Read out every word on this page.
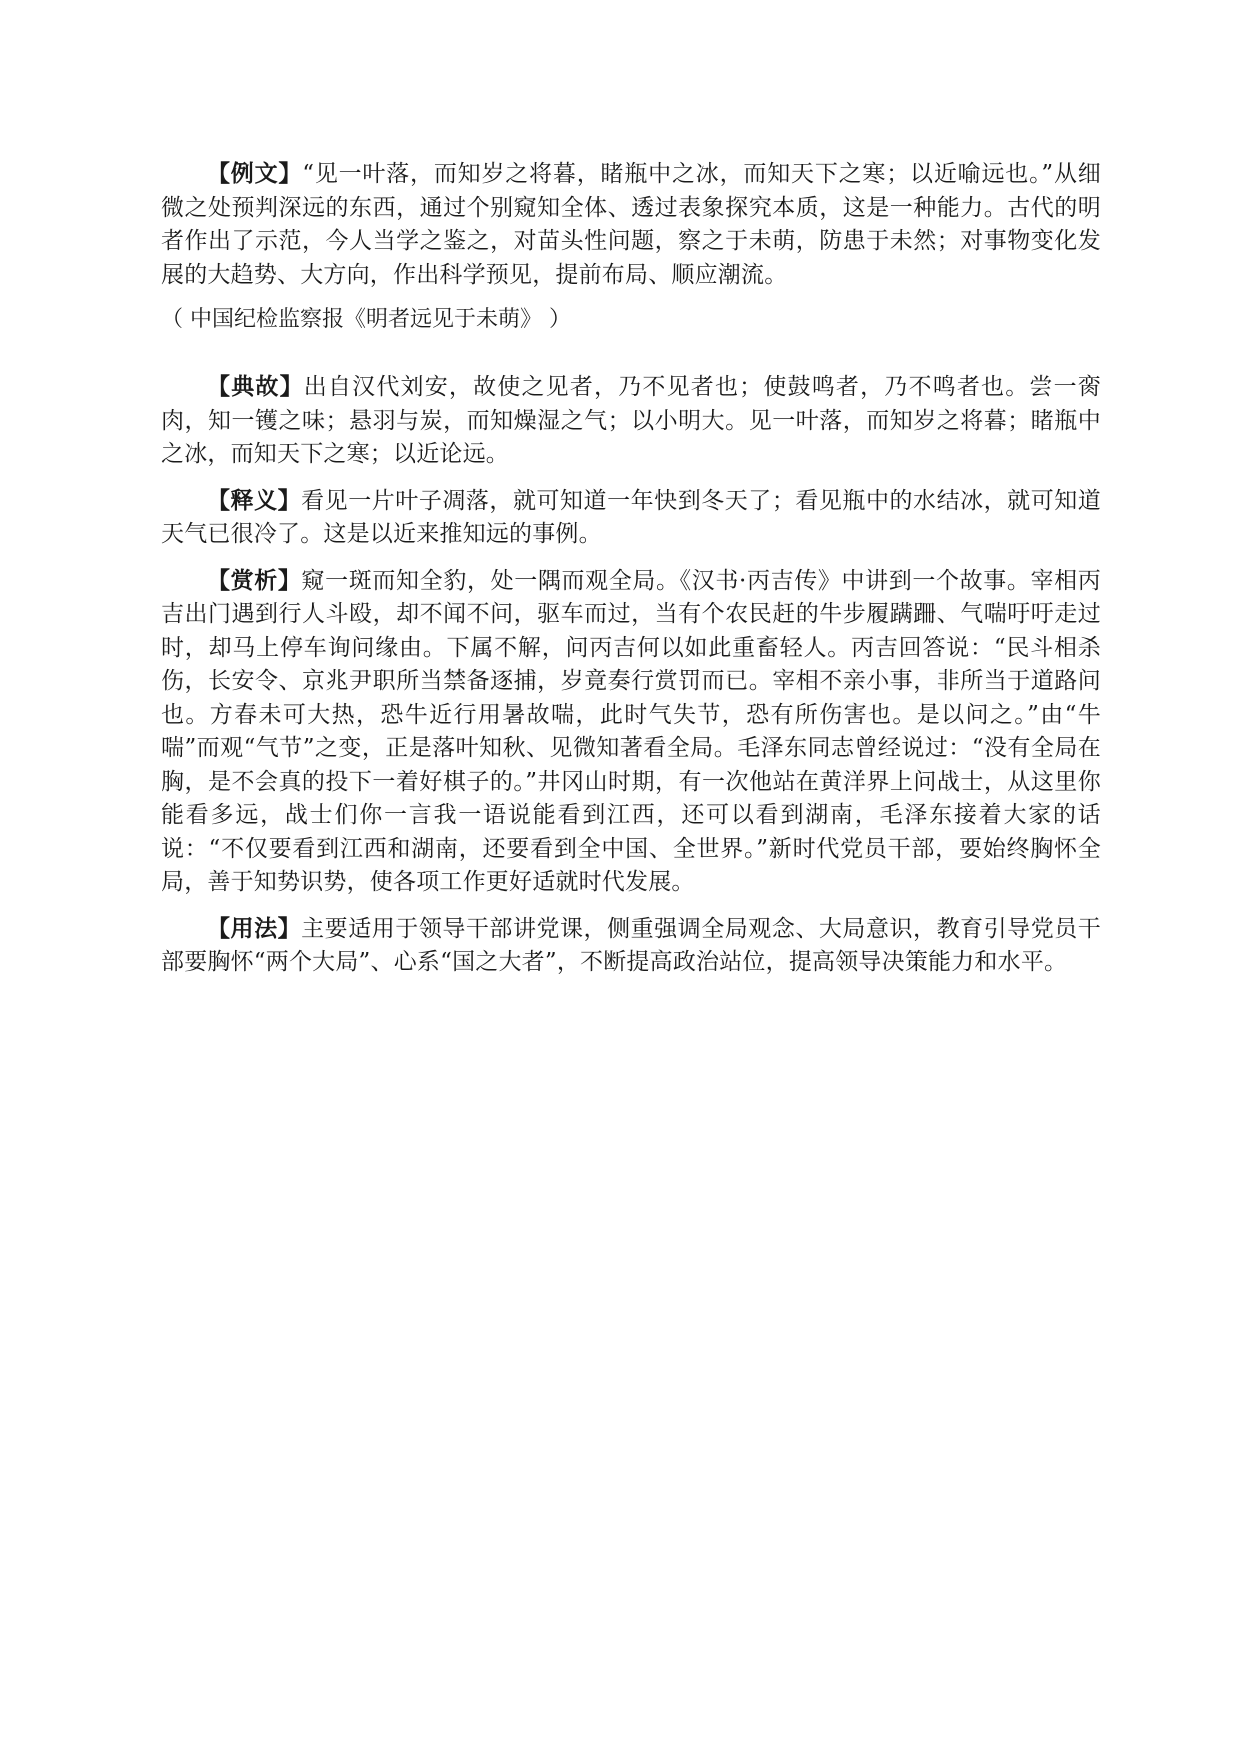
【例文】“见一叶落，而知岁之将暮，睹瓶中之冰，而知天下之寒；以近喻远也。”从细微之处预判深远的东西，通过个别窥知全体、透过表象探究本质，这是一种能力。古代的明者作出了示范，今人当学之鉴之，对苗头性问题，察之于未萌，防患于未然；对事物变化发展的大趋势、大方向，作出科学预见，提前布局、顺应潮流。

（ 中国纪检监察报《明者远见于未萌》 ）

【典故】出自汉代刘安，故使之见者，乃不见者也；使鼓鸣者，乃不鸣者也。尝一脔肉，知一镬之味；悬羽与炭，而知燥湿之气；以小明大。见一叶落，而知岁之将暮；睹瓶中之冰，而知天下之寒；以近论远。

【释义】看见一片叶子凋落，就可知道一年快到冬天了；看见瓶中的水结冰，就可知道天气已很冷了。这是以近来推知远的事例。

【赏析】窥一斑而知全豹，处一隅而观全局。《汉书·丙吉传》中讲到一个故事。宰相丙吉出门遇到行人斗殴，却不闻不问，驱车而过，当有个农民赶的牛步履蹒跚、气喘吁吁走过时，却马上停车询问缘由。下属不解，问丙吉何以如此重畜轻人。丙吉回答说：“民斗相杀伤，长安令、京兆尹职所当禁备逐捕，岁竟奏行赏罚而已。宰相不亲小事，非所当于道路问也。方春未可大热，恐牛近行用暑故喘，此时气失节，恐有所伤害也。是以问之。”由“牛喘”而观“气节”之变，正是落叶知秋、见微知著看全局。毛泽东同志曾经说过：“没有全局在胸，是不会真的投下一着好棋子的。”井冈山时期，有一次他站在黄洋界上问战士，从这里你能看多远，战士们你一言我一语说能看到江西，还可以看到湖南，毛泽东接着大家的话说：“不仅要看到江西和湖南，还要看到全中国、全世界。”新时代党员干部，要始终胸怀全局，善于知势识势，使各项工作更好适就时代发展。

【用法】主要适用于领导干部讲党课，侧重强调全局观念、大局意识，教育引导党员干部要胸怀“两个大局”、心系“国之大者”，不断提高政治站位，提高领导决策能力和水平。
